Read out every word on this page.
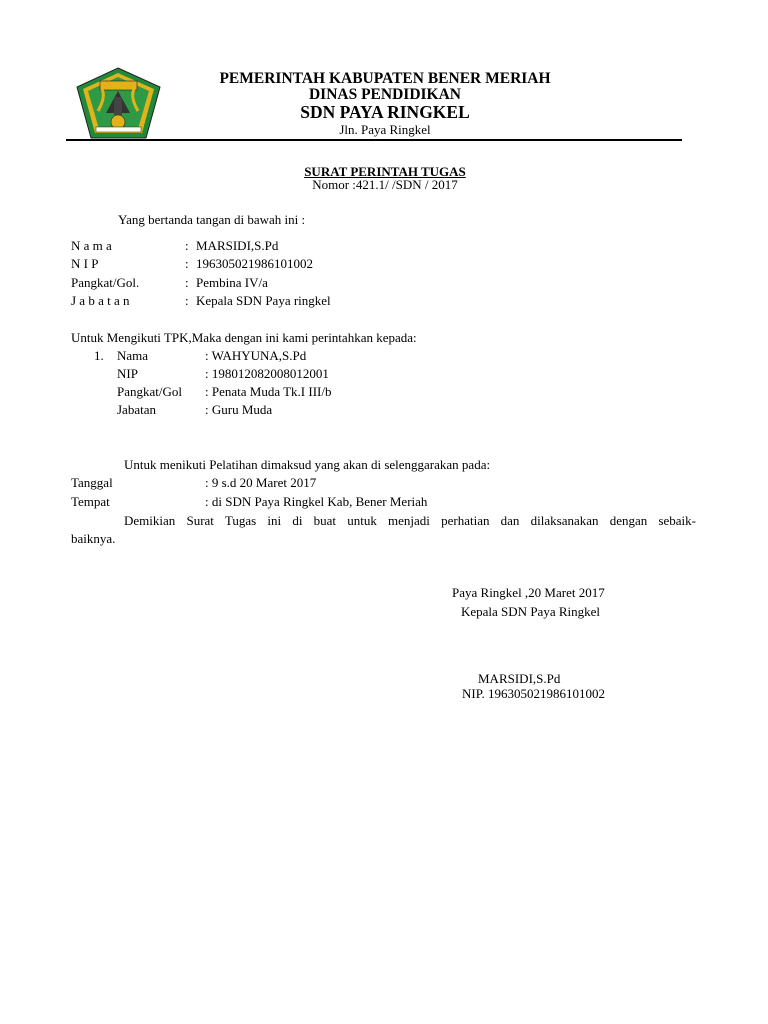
PEMERINTAH KABUPATEN BENER MERIAH
DINAS PENDIDIKAN
SDN PAYA RINGKEL
Jln. Paya Ringkel
SURAT PERINTAH TUGAS
Nomor :421.1/ /SDN / 2017
Yang bertanda tangan di bawah ini :
N a m a	: MARSIDI,S.Pd
N I P	: 196305021986101002
Pangkat/Gol.	: Pembina IV/a
J a b a t a n	: Kepala SDN Paya ringkel
Untuk Mengikuti TPK,Maka dengan ini kami perintahkan kepada:
1. Nama	: WAHYUNA,S.Pd
NIP	: 198012082008012001
Pangkat/Gol : Penata Muda Tk.I III/b
Jabatan	: Guru Muda
Untuk menikuti Pelatihan dimaksud yang akan di selenggarakan pada:
Tanggal	: 9 s.d 20 Maret 2017
Tempat	: di SDN Paya Ringkel Kab, Bener Meriah
Demikian Surat Tugas ini di buat untuk menjadi perhatian dan dilaksanakan dengan sebaik-
baiknya.
Paya Ringkel ,20 Maret 2017
Kepala SDN Paya Ringkel
MARSIDI,S.Pd
NIP. 196305021986101002
